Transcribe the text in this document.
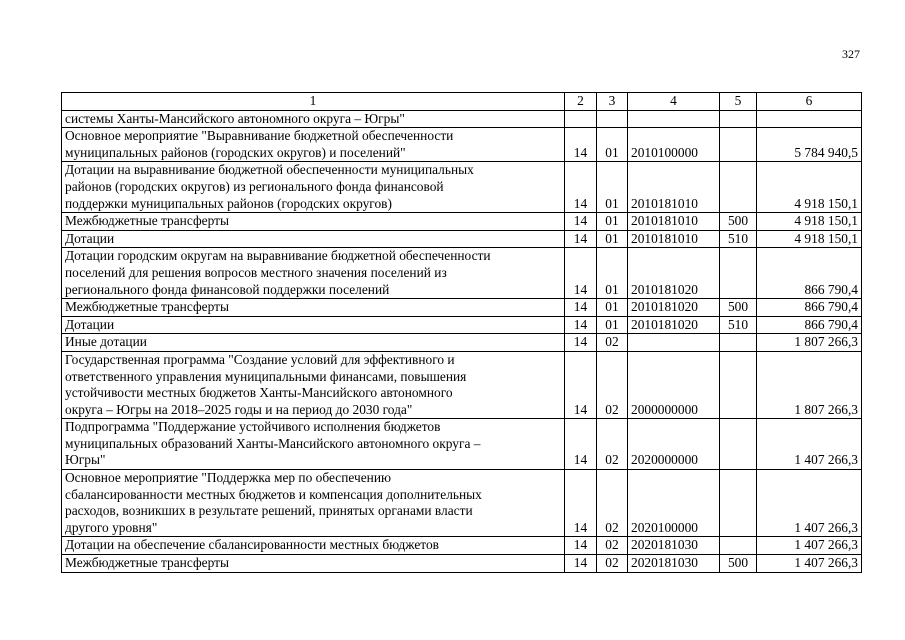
327
1	2	3	4	5	6
системы Ханты-Мансийского автономного округа – Югры"					
Основное мероприятие "Выравнивание бюджетной обеспеченности
муниципальных районов (городских округов) и поселений"	14	01	2010100000		5 784 940,5
Дотации на выравнивание бюджетной обеспеченности муниципальных
районов (городских округов) из регионального фонда финансовой
поддержки муниципальных районов (городских округов)	14	01	2010181010		4 918 150,1
Межбюджетные трансферты	14	01	2010181010	500	4 918 150,1
Дотации	14	01	2010181010	510	4 918 150,1
Дотации городским округам на выравнивание бюджетной обеспеченности
поселений для решения вопросов местного значения поселений из
регионального фонда финансовой поддержки поселений	14	01	2010181020		866 790,4
Межбюджетные трансферты	14	01	2010181020	500	866 790,4
Дотации	14	01	2010181020	510	866 790,4
Иные дотации	14	02			1 807 266,3
Государственная программа "Создание условий для эффективного и
ответственного управления муниципальными финансами, повышения
устойчивости местных бюджетов Ханты-Мансийского автономного
округа – Югры на 2018–2025 годы и на период до 2030 года"	14	02	2000000000		1 807 266,3
Подпрограмма "Поддержание устойчивого исполнения бюджетов
муниципальных образований Ханты-Мансийского автономного округа –
Югры"	14	02	2020000000		1 407 266,3
Основное мероприятие "Поддержка мер по обеспечению
сбалансированности местных бюджетов и компенсация дополнительных
расходов, возникших в результате решений, принятых органами власти
другого уровня"	14	02	2020100000		1 407 266,3
Дотации на обеспечение сбалансированности местных бюджетов	14	02	2020181030		1 407 266,3
Межбюджетные трансферты	14	02	2020181030	500	1 407 266,3
